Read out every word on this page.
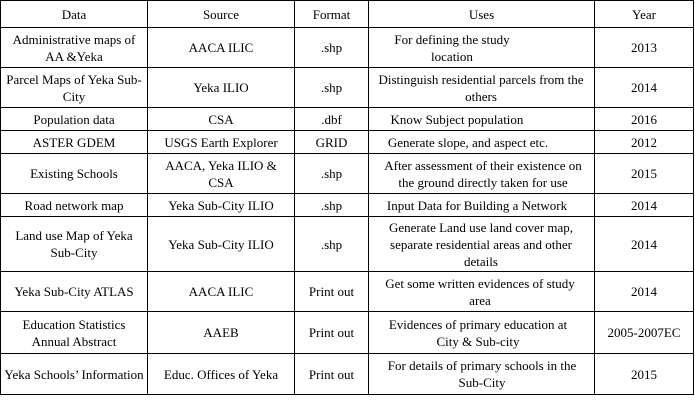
Data	Source	Format	Uses	Year
Administrative maps of AA &Yeka	AACA ILIC	.shp	For defining the study location	2013
Parcel Maps of Yeka Sub-City	Yeka ILIO	.shp	Distinguish residential parcels from the others	2014
Population data	CSA	.dbf	Know Subject population	2016
ASTER GDEM	USGS Earth Explorer	GRID	Generate slope, and aspect etc.	2012
Existing Schools	AACA, Yeka ILIO & CSA	.shp	After assessment of their existence on the ground directly taken for use	2015
Road network map	Yeka Sub-City ILIO	.shp	Input Data for Building a Network	2014
Land use Map of Yeka Sub-City	Yeka Sub-City ILIO	.shp	Generate Land use land cover map, separate residential areas and other details	2014
Yeka Sub-City ATLAS	AACA ILIC	Print out	Get some written evidences of study area	2014
Education Statistics Annual Abstract	AAEB	Print out	Evidences of primary education at City & Sub-city	2005-2007EC
Yeka Schools’ Information	Educ. Offices of Yeka	Print out	For details of primary schools in the Sub-City	2015
